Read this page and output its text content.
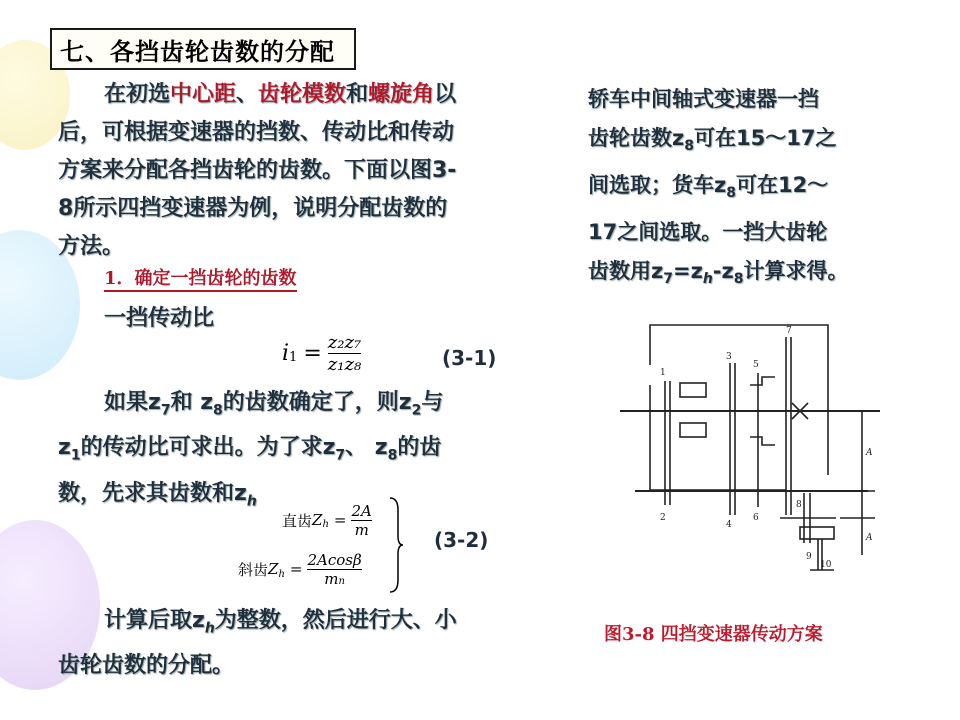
七、各挡齿轮齿数的分配
在初选中心距、齿轮模数和螺旋角以
后，可根据变速器的挡数、传动比和传动
方案来分配各挡齿轮的齿数。下面以图3-
8所示四挡变速器为例，说明分配齿数的
方法。
1．确定一挡齿轮的齿数
一挡传动比
i $1 = \frac{\text{z₂z₇}}{\text{z₁z₈}}$	(3-1)
如果$z_7$和 $z_8$的齿数确定了，则$z_2$与
$z_1$的传动比可求出。为了求$z_7$、 $z_8$的齿
数，先求其齿数和$z_h$
直齿 Z $h = \frac{2A}{m}$
斜齿 Z $h = \frac{2Acos\beta}{mn}$
(3-2)
计算后取$z_h$为整数，然后进行大、小
齿轮齿数的分配。
轿车中间轴式变速器一挡
齿轮齿数$z_8$可在15～17之
间选取；货车$z_8$可在12～
17之间选取。一挡大齿轮
齿数用$z_7=z_h-z_8$计算求得。
1
2
3
4
5
6
7
8
9
10
A
A
图3-8 四挡变速器传动方案
